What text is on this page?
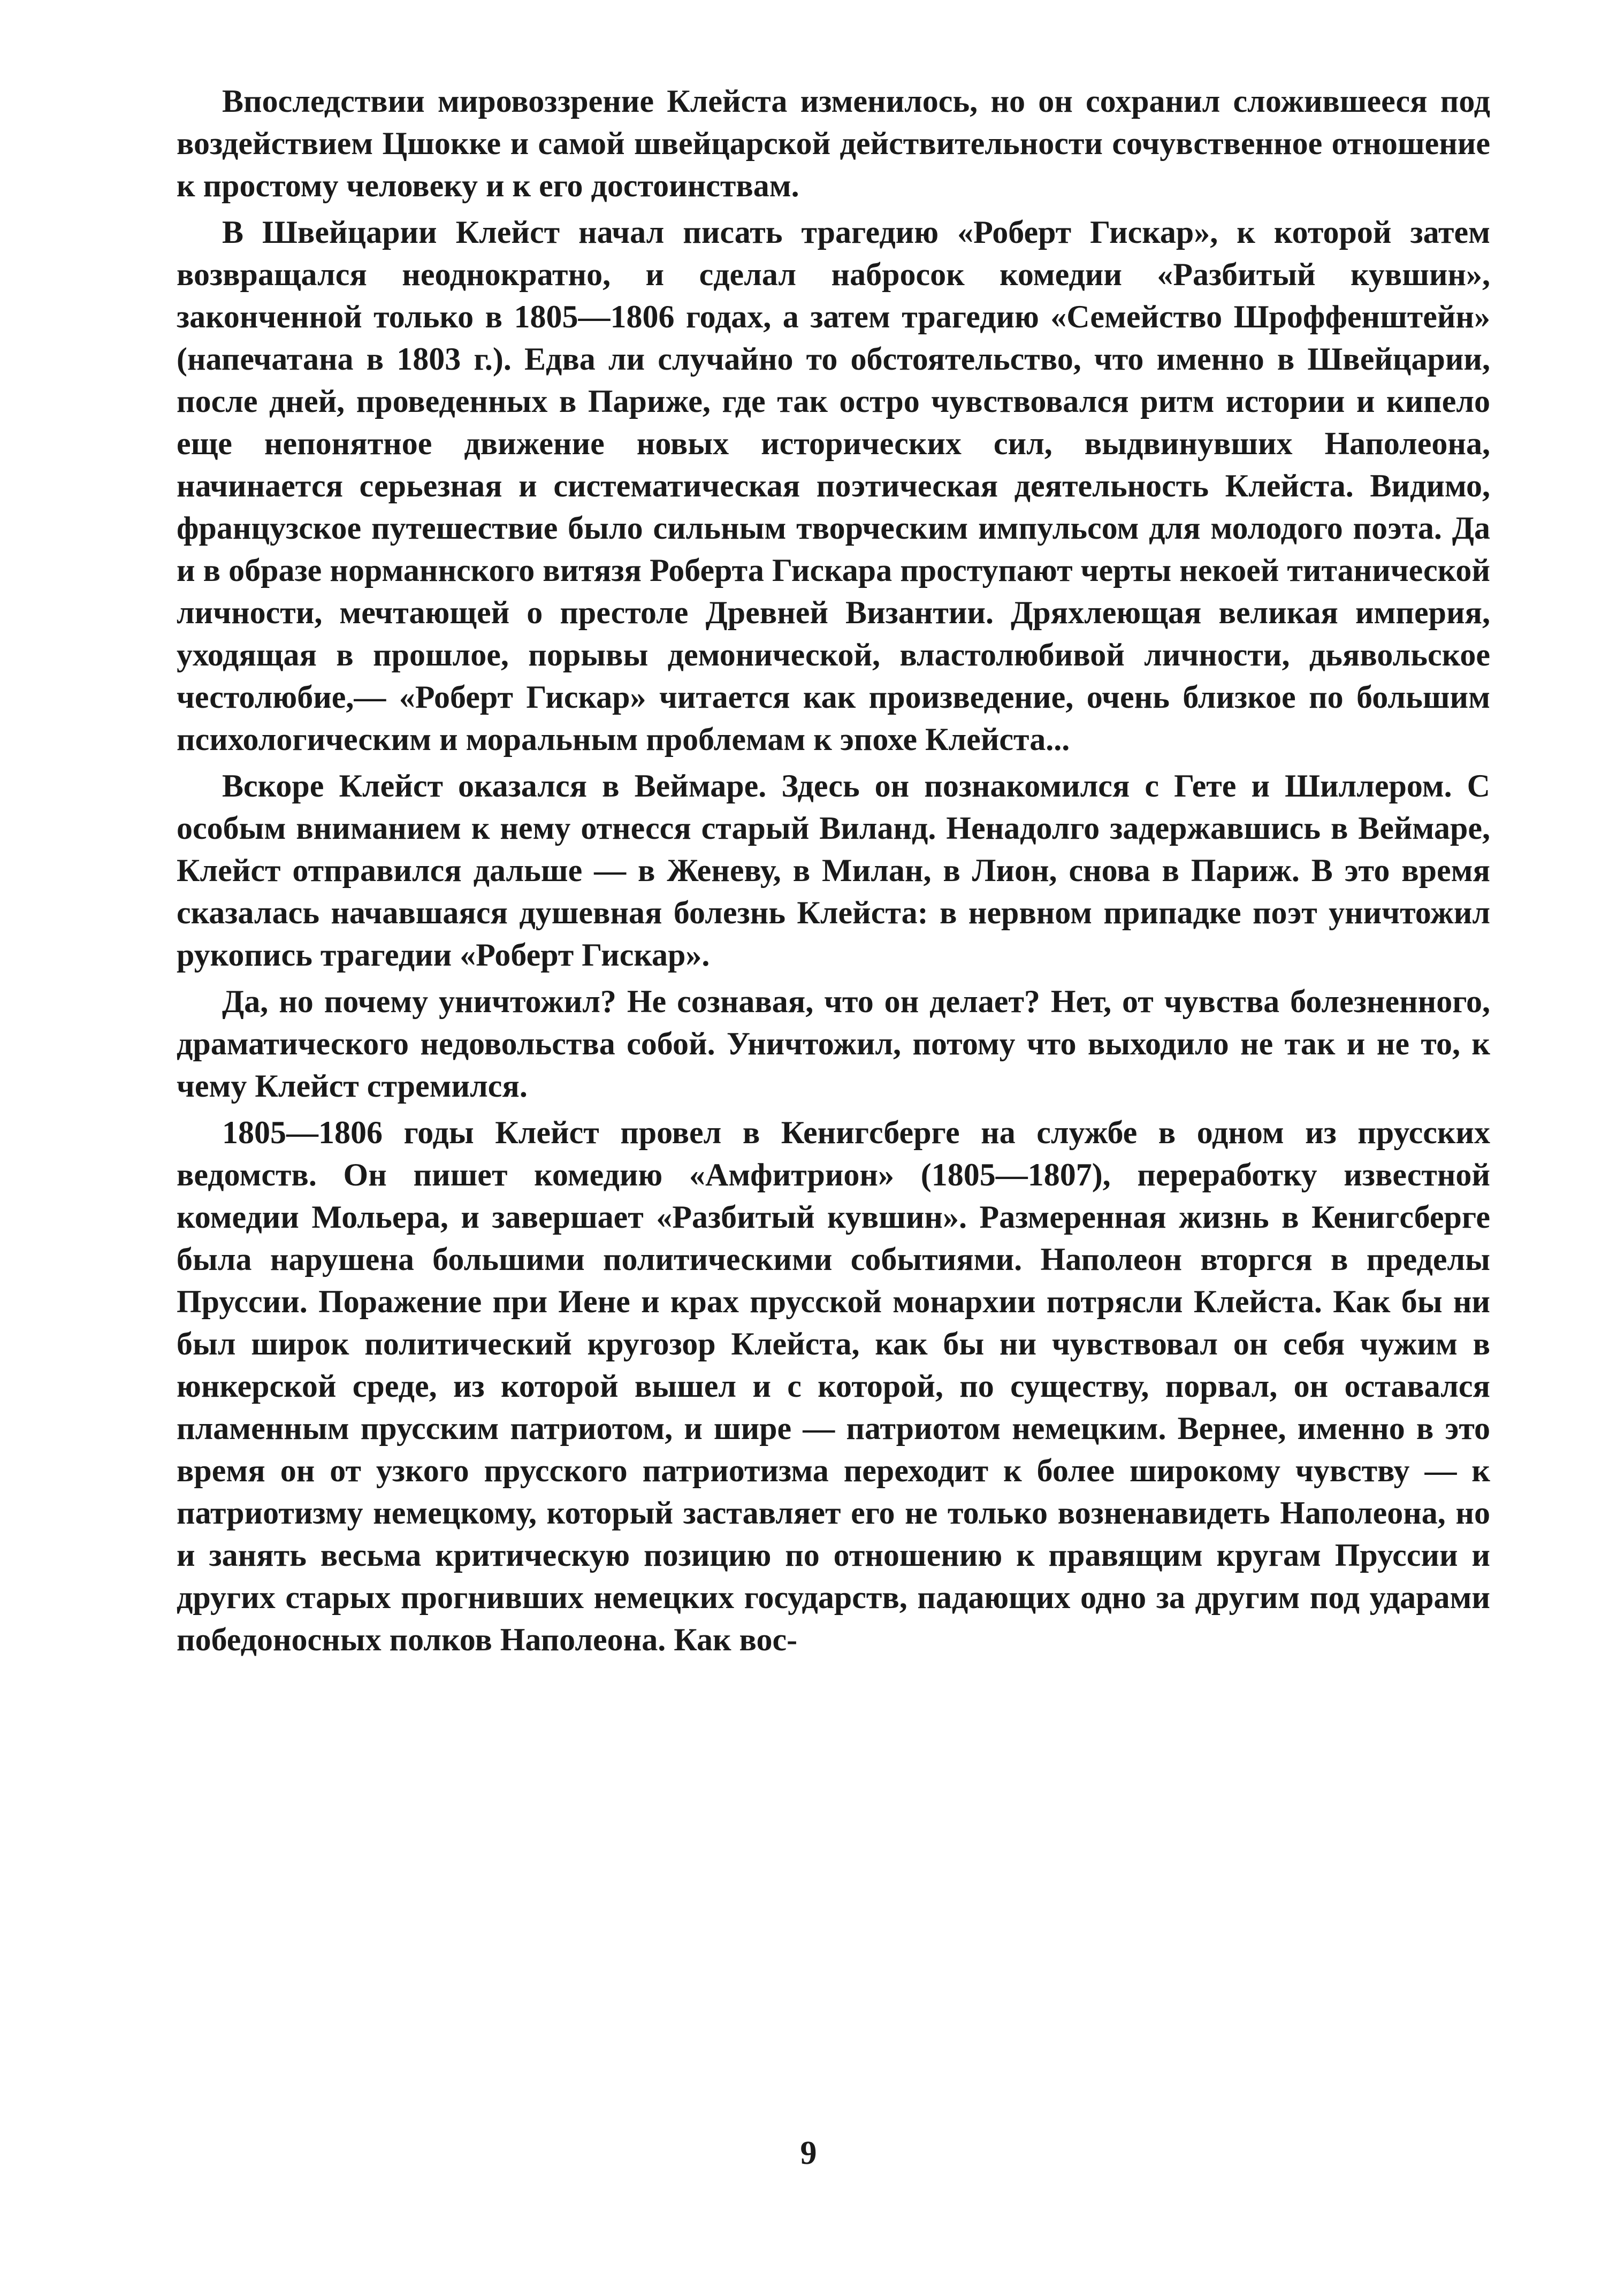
Впоследствии мировоззрение Клейста изменилось, но он сохранил сложившееся под воздействием Цшокке и самой швейцарской действительности сочувственное отношение к простому человеку и к его достоинствам.

В Швейцарии Клейст начал писать трагедию «Роберт Гискар», к которой затем возвращался неоднократно, и сделал набросок комедии «Разбитый кувшин», законченной только в 1805—1806 годах, а затем трагедию «Семейство Шроффенштейн» (напечатана в 1803 г.). Едва ли случайно то обстоятельство, что именно в Швейцарии, после дней, проведенных в Париже, где так остро чувствовался ритм истории и кипело еще непонятное движение новых исторических сил, выдвинувших Наполеона, начинается серьезная и систематическая поэтическая деятельность Клейста. Видимо, французское путешествие было сильным творческим импульсом для молодого поэта. Да и в образе норманнского витязя Роберта Гискара проступают черты некоей титанической личности, мечтающей о престоле Древней Византии. Дряхлеющая великая империя, уходящая в прошлое, порывы демонической, властолюбивой личности, дьявольское честолюбие,— «Роберт Гискар» читается как произведение, очень близкое по большим психологическим и моральным проблемам к эпохе Клейста...

Вскоре Клейст оказался в Веймаре. Здесь он познакомился с Гете и Шиллером. С особым вниманием к нему отнесся старый Виланд. Ненадолго задержавшись в Веймаре, Клейст отправился дальше — в Женеву, в Милан, в Лион, снова в Париж. В это время сказалась начавшаяся душевная болезнь Клейста: в нервном припадке поэт уничтожил рукопись трагедии «Роберт Гискар».

Да, но почему уничтожил? Не сознавая, что он делает? Нет, от чувства болезненного, драматического недовольства собой. Уничтожил, потому что выходило не так и не то, к чему Клейст стремился.

1805—1806 годы Клейст провел в Кенигсберге на службе в одном из прусских ведомств. Он пишет комедию «Амфитрион» (1805—1807), переработку известной комедии Мольера, и завершает «Разбитый кувшин». Размеренная жизнь в Кенигсберге была нарушена большими политическими событиями. Наполеон вторгся в пределы Пруссии. Поражение при Иене и крах прусской монархии потрясли Клейста. Как бы ни был широк политический кругозор Клейста, как бы ни чувствовал он себя чужим в юнкерской среде, из которой вышел и с которой, по существу, порвал, он оставался пламенным прусским патриотом, и шире — патриотом немецким. Вернее, именно в это время он от узкого прусского патриотизма переходит к более широкому чувству — к патриотизму немецкому, который заставляет его не только возненавидеть Наполеона, но и занять весьма критическую позицию по отношению к правящим кругам Пруссии и других старых прогнивших немецких государств, падающих одно за другим под ударами победоносных полков Наполеона. Как вос-

9
